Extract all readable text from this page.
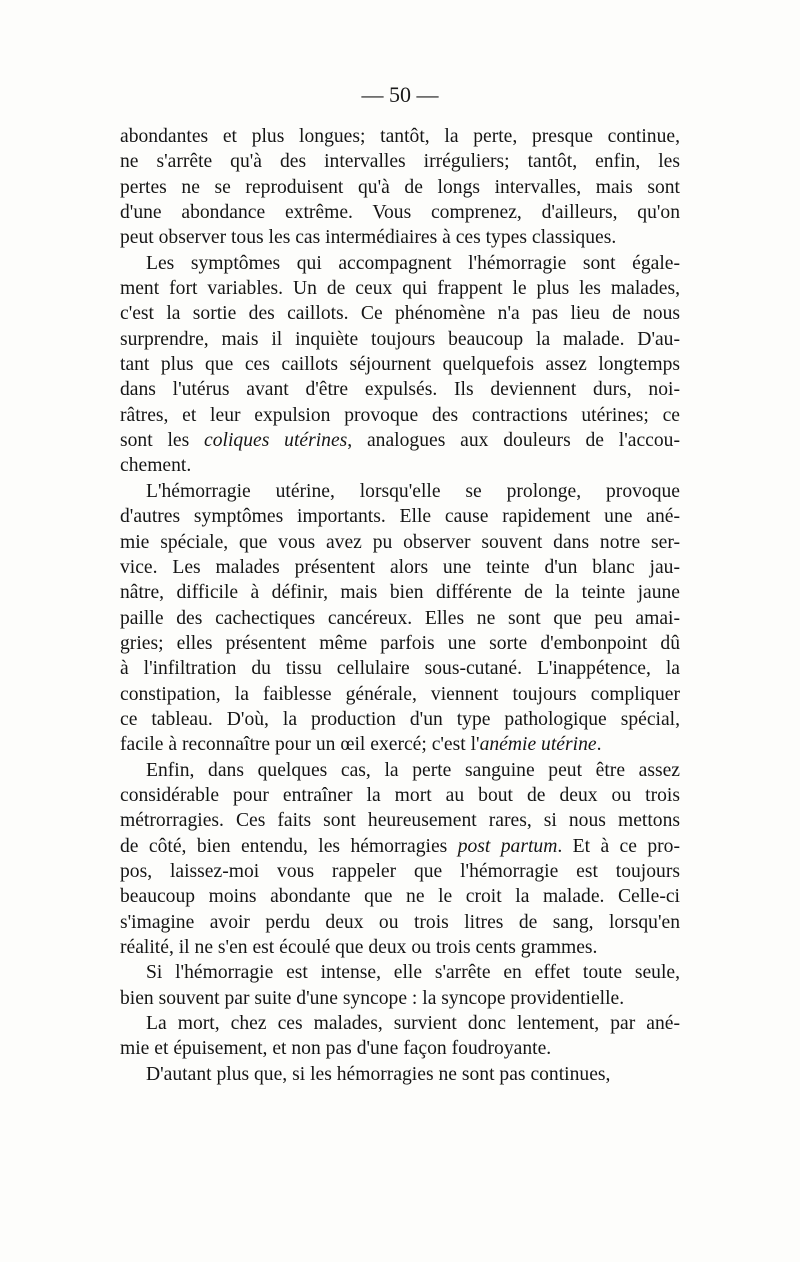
— 50 —
abondantes et plus longues; tantôt, la perte, presque continue,
ne s'arrête qu'à des intervalles irréguliers; tantôt, enfin, les
pertes ne se reproduisent qu'à de longs intervalles, mais sont
d'une abondance extrême. Vous comprenez, d'ailleurs, qu'on
peut observer tous les cas intermédiaires à ces types classiques.
Les symptômes qui accompagnent l'hémorragie sont égale-
ment fort variables. Un de ceux qui frappent le plus les malades,
c'est la sortie des caillots. Ce phénomène n'a pas lieu de nous
surprendre, mais il inquiète toujours beaucoup la malade. D'au-
tant plus que ces caillots séjournent quelquefois assez longtemps
dans l'utérus avant d'être expulsés. Ils deviennent durs, noi-
râtres, et leur expulsion provoque des contractions utérines; ce
sont les coliques utérines, analogues aux douleurs de l'accou-
chement.
L'hémorragie utérine, lorsqu'elle se prolonge, provoque
d'autres symptômes importants. Elle cause rapidement une ané-
mie spéciale, que vous avez pu observer souvent dans notre ser-
vice. Les malades présentent alors une teinte d'un blanc jau-
nâtre, difficile à définir, mais bien différente de la teinte jaune
paille des cachectiques cancéreux. Elles ne sont que peu amai-
gries; elles présentent même parfois une sorte d'embonpoint dû
à l'infiltration du tissu cellulaire sous-cutané. L'inappétence, la
constipation, la faiblesse générale, viennent toujours compliquer
ce tableau. D'où, la production d'un type pathologique spécial,
facile à reconnaître pour un œil exercé; c'est l'anémie utérine.
Enfin, dans quelques cas, la perte sanguine peut être assez
considérable pour entraîner la mort au bout de deux ou trois
métrorragies. Ces faits sont heureusement rares, si nous mettons
de côté, bien entendu, les hémorragies post partum. Et à ce pro-
pos, laissez-moi vous rappeler que l'hémorragie est toujours
beaucoup moins abondante que ne le croit la malade. Celle-ci
s'imagine avoir perdu deux ou trois litres de sang, lorsqu'en
réalité, il ne s'en est écoulé que deux ou trois cents grammes.
Si l'hémorragie est intense, elle s'arrête en effet toute seule,
bien souvent par suite d'une syncope : la syncope providentielle.
La mort, chez ces malades, survient donc lentement, par ané-
mie et épuisement, et non pas d'une façon foudroyante.
D'autant plus que, si les hémorragies ne sont pas continues,
